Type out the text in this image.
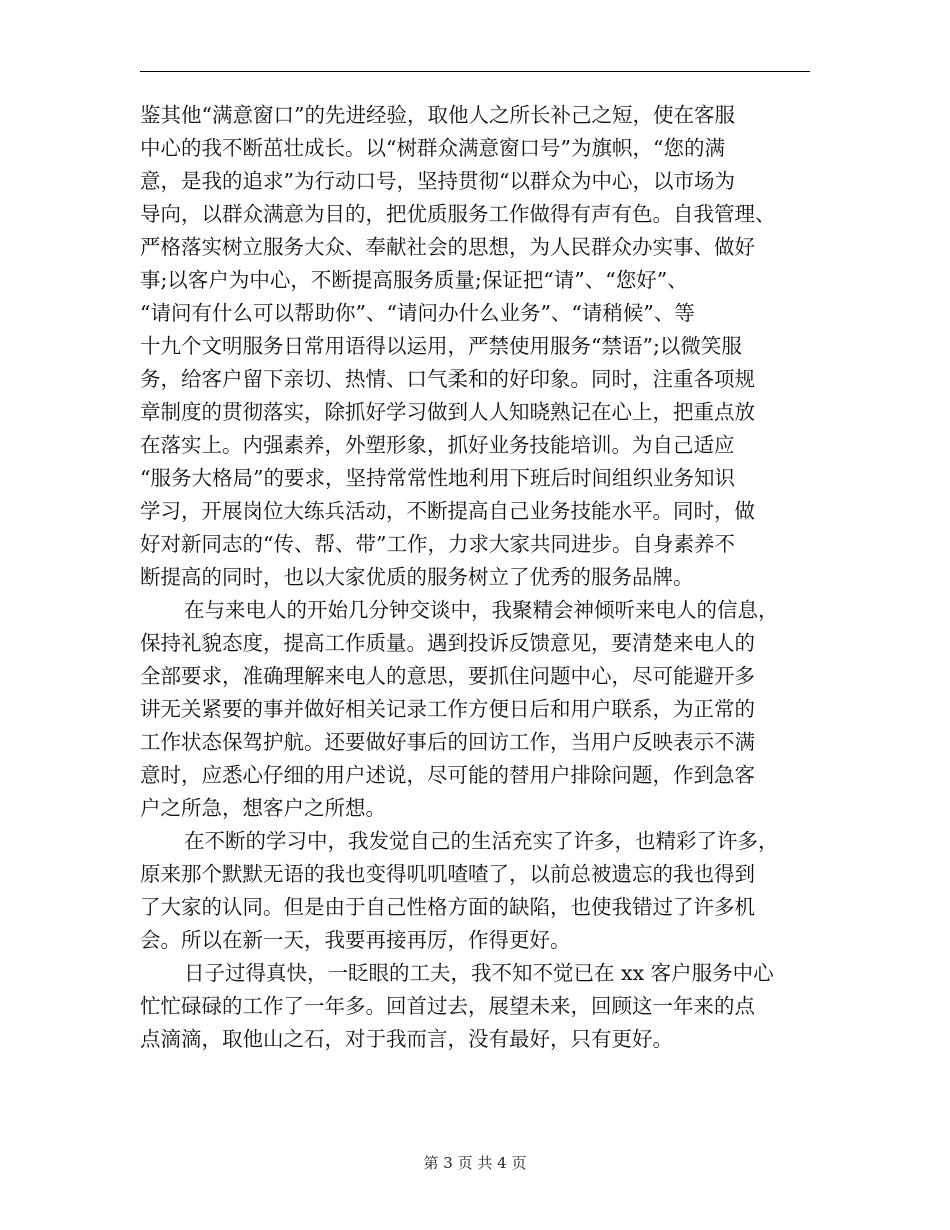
鉴其他“满意窗口”的先进经验，取他人之所长补己之短，使在客服
中心的我不断茁壮成长。以“树群众满意窗口号”为旗帜，“您的满
意，是我的追求”为行动口号，坚持贯彻“以群众为中心，以市场为
导向，以群众满意为目的，把优质服务工作做得有声有色。自我管理、
严格落实树立服务大众、奉献社会的思想，为人民群众办实事、做好
事;以客户为中心，不断提高服务质量;保证把“请”、“您好”、
“请问有什么可以帮助你”、“请问办什么业务”、“请稍候”、等
十九个文明服务日常用语得以运用，严禁使用服务“禁语”;以微笑服
务，给客户留下亲切、热情、口气柔和的好印象。同时，注重各项规
章制度的贯彻落实，除抓好学习做到人人知晓熟记在心上，把重点放
在落实上。内强素养，外塑形象，抓好业务技能培训。为自己适应
“服务大格局”的要求，坚持常常性地利用下班后时间组织业务知识
学习，开展岗位大练兵活动，不断提高自己业务技能水平。同时，做
好对新同志的“传、帮、带”工作，力求大家共同进步。自身素养不
断提高的同时，也以大家优质的服务树立了优秀的服务品牌。
在与来电人的开始几分钟交谈中，我聚精会神倾听来电人的信息，
保持礼貌态度，提高工作质量。遇到投诉反馈意见，要清楚来电人的
全部要求，准确理解来电人的意思，要抓住问题中心，尽可能避开多
讲无关紧要的事并做好相关记录工作方便日后和用户联系，为正常的
工作状态保驾护航。还要做好事后的回访工作，当用户反映表示不满
意时，应悉心仔细的用户述说，尽可能的替用户排除问题，作到急客
户之所急，想客户之所想。
在不断的学习中，我发觉自己的生活充实了许多，也精彩了许多，
原来那个默默无语的我也变得叽叽喳喳了，以前总被遗忘的我也得到
了大家的认同。但是由于自己性格方面的缺陷，也使我错过了许多机
会。所以在新一天，我要再接再厉，作得更好。
日子过得真快，一眨眼的工夫，我不知不觉已在 xx 客户服务中心
忙忙碌碌的工作了一年多。回首过去，展望未来，回顾这一年来的点
点滴滴，取他山之石，对于我而言，没有最好，只有更好。
第 3 页 共 4 页
